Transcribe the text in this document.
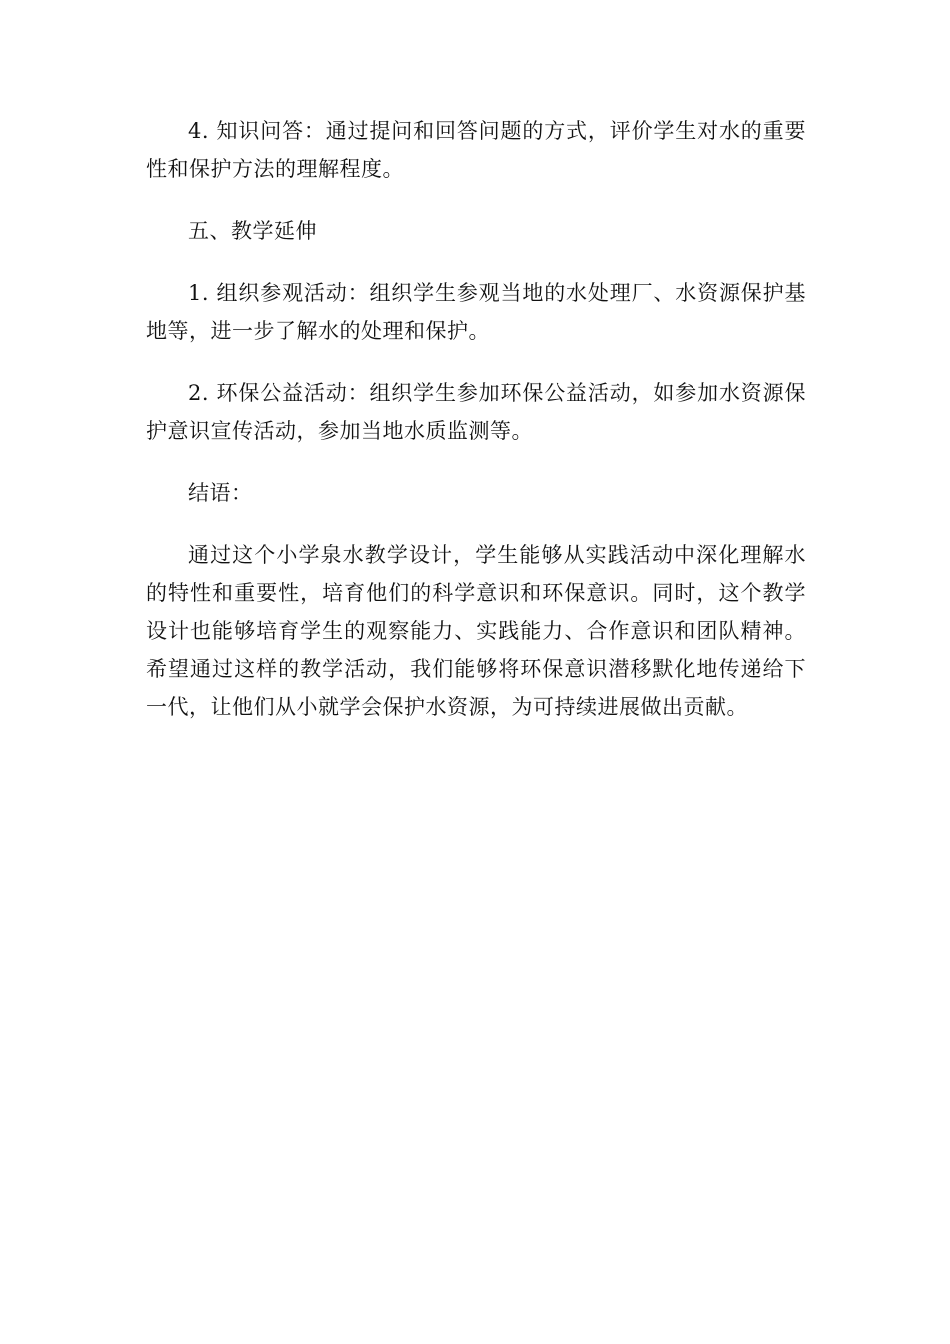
4. 知识问答：通过提问和回答问题的方式，评价学生对水的重要性和保护方法的理解程度。

五、教学延伸

1. 组织参观活动：组织学生参观当地的水处理厂、水资源保护基地等，进一步了解水的处理和保护。

2. 环保公益活动：组织学生参加环保公益活动，如参加水资源保护意识宣传活动，参加当地水质监测等。

结语：

通过这个小学泉水教学设计，学生能够从实践活动中深化理解水的特性和重要性，培育他们的科学意识和环保意识。同时，这个教学设计也能够培育学生的观察能力、实践能力、合作意识和团队精神。希望通过这样的教学活动，我们能够将环保意识潜移默化地传递给下一代，让他们从小就学会保护水资源，为可持续进展做出贡献。
